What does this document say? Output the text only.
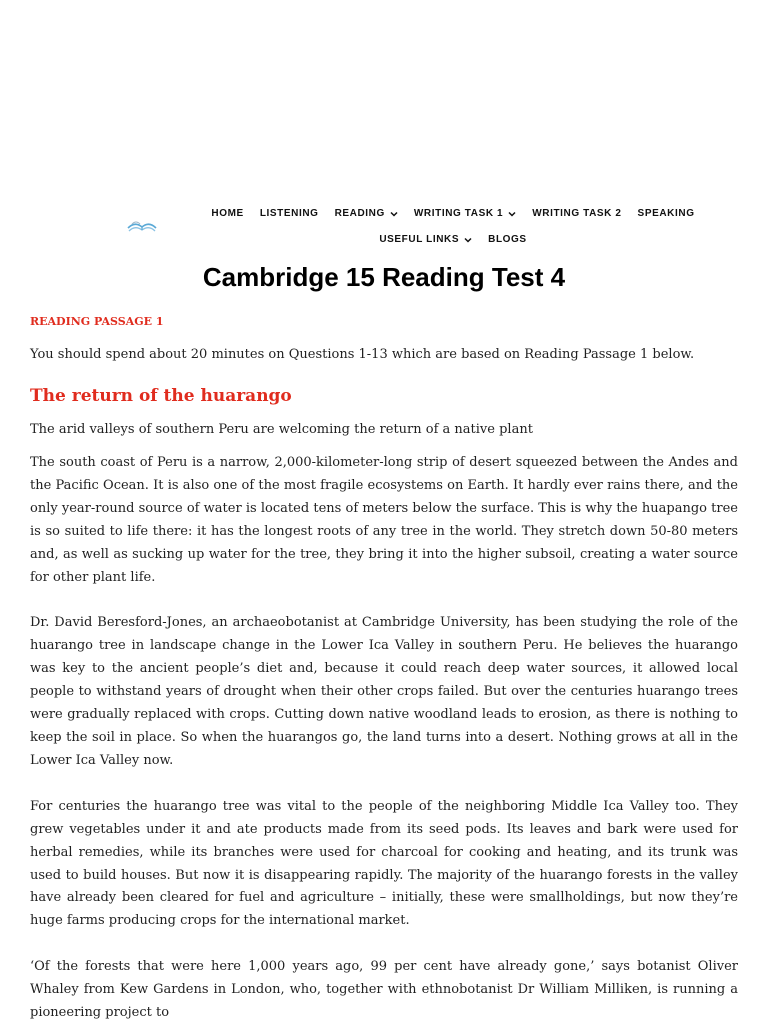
HOME LISTENING READING	WRITING TASK 1	WRITING TASK 2 SPEAKING
USEFUL LINKS	BLOGS
Cambridge 15 Reading Test 4

READING PASSAGE 1

You should spend about 20 minutes on Questions 1-13 which are based on Reading Passage 1 below.

The return of the huarango

The arid valleys of southern Peru are welcoming the return of a native plant

The south coast of Peru is a narrow, 2,000-kilometer-long strip of desert squeezed between the Andes and the Pacific Ocean. It is also one of the most fragile ecosystems on Earth. It hardly ever rains there, and the only year-round source of water is located tens of meters below the surface. This is why the huapango tree is so suited to life there: it has the longest roots of any tree in the world. They stretch down 50-80 meters and, as well as sucking up water for the tree, they bring it into the higher subsoil, creating a water source for other plant life.

Dr. David Beresford-Jones, an archaeobotanist at Cambridge University, has been studying the role of the huarango tree in landscape change in the Lower Ica Valley in southern Peru. He believes the huarango was key to the ancient people’s diet and, because it could reach deep water sources, it allowed local people to withstand years of drought when their other crops failed. But over the centuries huarango trees were gradually replaced with crops. Cutting down native woodland leads to erosion, as there is nothing to keep the soil in place. So when the huarangos go, the land turns into a desert. Nothing grows at all in the Lower Ica Valley now.

For centuries the huarango tree was vital to the people of the neighboring Middle Ica Valley too. They grew vegetables under it and ate products made from its seed pods. Its leaves and bark were used for herbal remedies, while its branches were used for charcoal for cooking and heating, and its trunk was used to build houses. But now it is disappearing rapidly. The majority of the huarango forests in the valley have already been cleared for fuel and agriculture – initially, these were smallholdings, but now they’re huge farms producing crops for the international market.

‘Of the forests that were here 1,000 years ago, 99 per cent have already gone,’ says botanist Oliver Whaley from Kew Gardens in London, who, together with ethnobotanist Dr William Milliken, is running a pioneering project to
